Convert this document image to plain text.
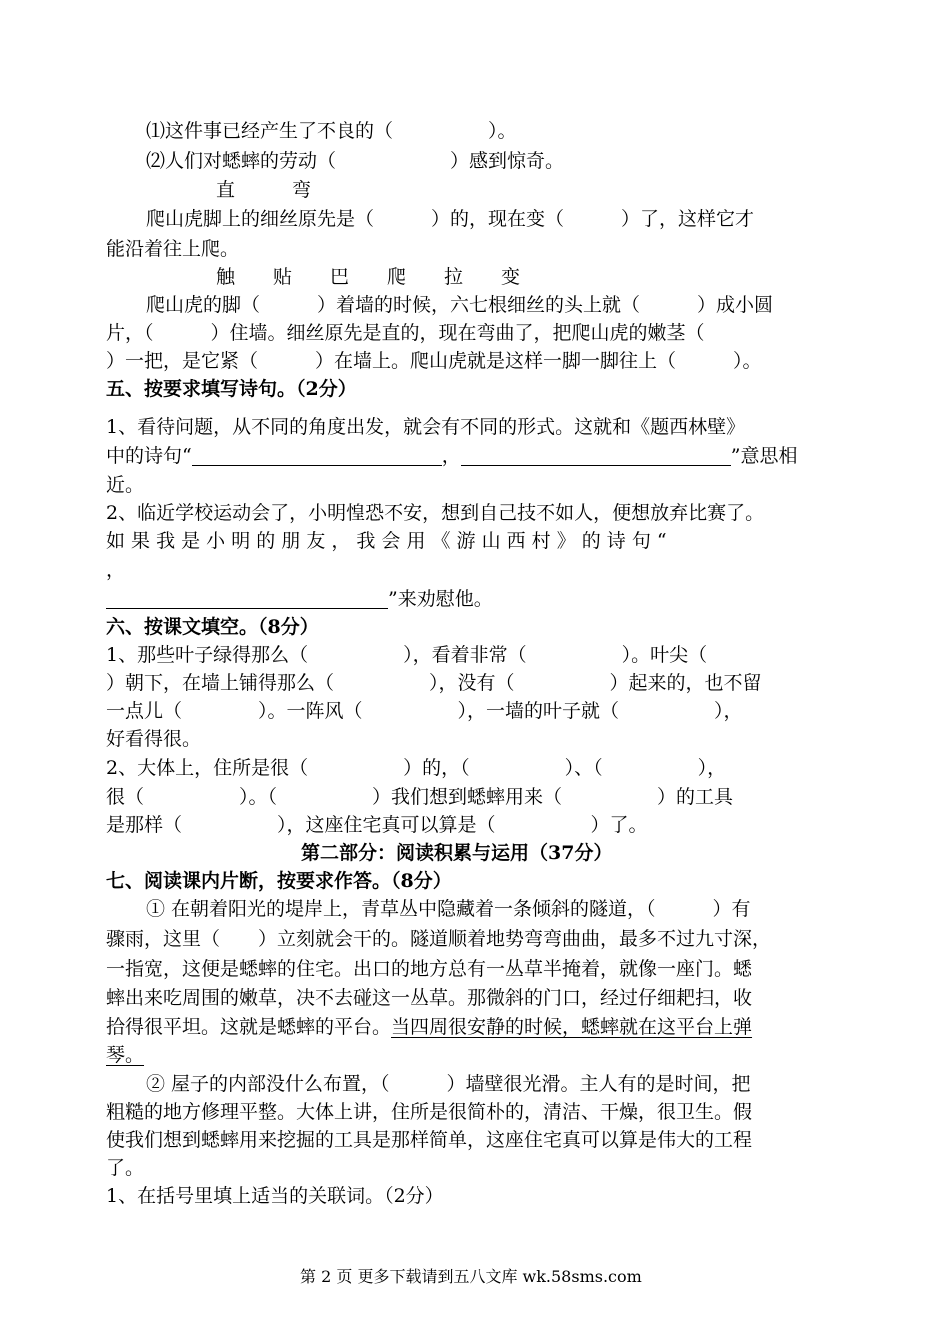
⑴这件事已经产生了不良的（　　　　　）。
⑵人们对蟋蟀的劳动（　　　　　　）感到惊奇。
直　　　弯
爬山虎脚上的细丝原先是（　　　）的，现在变（　　　）了，这样它才
能沿着往上爬。
触　　贴　　巴　　爬　　拉　　变
爬山虎的脚（　　　）着墙的时候，六七根细丝的头上就（　　　）成小圆
片，（　　　）住墙。细丝原先是直的，现在弯曲了，把爬山虎的嫩茎（
）一把，是它紧（　　　）在墙上。爬山虎就是这样一脚一脚往上（　　　）。
五、按要求填写诗句。（2分）
1、看待问题，从不同的角度出发，就会有不同的形式。这就和《题西林壁》
中的诗句“	，	”意思相
近。
2、临近学校运动会了，小明惶恐不安，想到自己技不如人，便想放弃比赛了。
如 果 我 是 小 明 的 朋 友 ， 我 会 用 《 游 山 西 村 》 的 诗 句 “
，
”来劝慰他。
六、按课文填空。（8分）
1、那些叶子绿得那么（　　　　　），看着非常（　　　　　）。叶尖（
）朝下，在墙上铺得那么（　　　　　），没有（　　　　　）起来的，也不留
一点儿（　　　　）。一阵风（　　　　　），一墙的叶子就（　　　　　），
好看得很。
2、大体上，住所是很（　　　　　）的，（　　　　　）、（　　　　　），
很（　　　　　）。（　　　　　）我们想到蟋蟀用来（　　　　　）的工具
是那样（　　　　　），这座住宅真可以算是（　　　　　）了。
第二部分：阅读积累与运用（37分）
七、阅读课内片断，按要求作答。（8分）
① 在朝着阳光的堤岸上，青草丛中隐藏着一条倾斜的隧道，（　　　）有
骤雨，这里（　　）立刻就会干的。隧道顺着地势弯弯曲曲，最多不过九寸深，
一指宽，这便是蟋蟀的住宅。出口的地方总有一丛草半掩着，就像一座门。蟋
蟀出来吃周围的嫩草，决不去碰这一丛草。那微斜的门口，经过仔细耙扫，收
拾得很平坦。这就是蟋蟀的平台。当四周很安静的时候，蟋蟀就在这平台上弹
琴。
② 屋子的内部没什么布置，（　　　）墙壁很光滑。主人有的是时间，把
粗糙的地方修理平整。大体上讲，住所是很简朴的，清洁、干燥，很卫生。假
使我们想到蟋蟀用来挖掘的工具是那样简单，这座住宅真可以算是伟大的工程
了。
1、在括号里填上适当的关联词。（2分）
第 2 页 更多下载请到五八文库 wk.58sms.com
